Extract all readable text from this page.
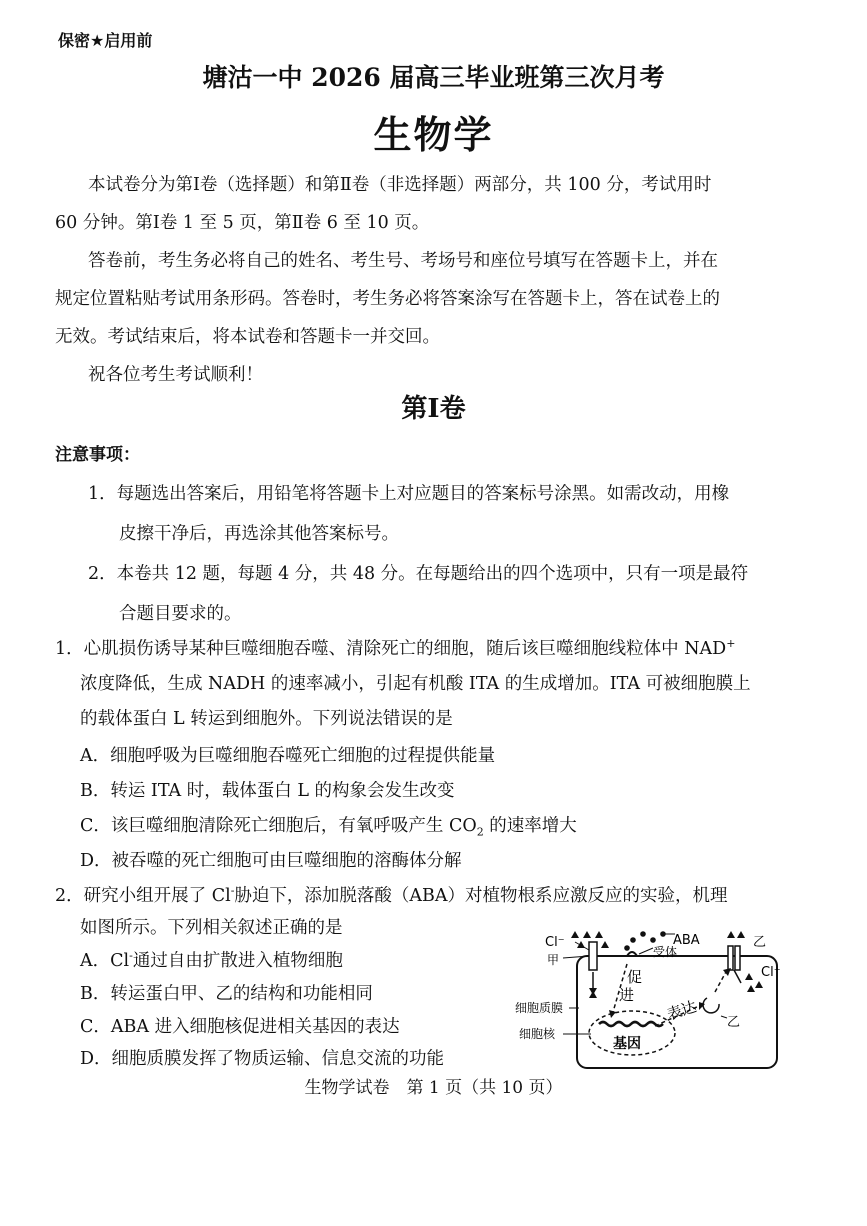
保密★启用前
塘沽一中 2026 届高三毕业班第三次月考
生物学
本试卷分为第Ⅰ卷（选择题）和第Ⅱ卷（非选择题）两部分，共 100 分，考试用时
60 分钟。第Ⅰ卷 1 至 5 页，第Ⅱ卷 6 至 10 页。
答卷前，考生务必将自己的姓名、考生号、考场号和座位号填写在答题卡上，并在
规定位置粘贴考试用条形码。答卷时，考生务必将答案涂写在答题卡上，答在试卷上的
无效。考试结束后，将本试卷和答题卡一并交回。
祝各位考生考试顺利！
第Ⅰ卷
注意事项：
1．每题选出答案后，用铅笔将答题卡上对应题目的答案标号涂黑。如需改动，用橡
皮擦干净后，再选涂其他答案标号。
2．本卷共 12 题，每题 4 分，共 48 分。在每题给出的四个选项中，只有一项是最符
合题目要求的。
1．心肌损伤诱导某种巨噬细胞吞噬、清除死亡的细胞，随后该巨噬细胞线粒体中 NAD+
浓度降低，生成 NADH 的速率减小，引起有机酸 ITA 的生成增加。ITA 可被细胞膜上
的载体蛋白 L 转运到细胞外。下列说法错误的是
A．细胞呼吸为巨噬细胞吞噬死亡细胞的过程提供能量
B．转运 ITA 时，载体蛋白 L 的构象会发生改变
C．该巨噬细胞清除死亡细胞后，有氧呼吸产生 $CO_2$ 的速率增大
D．被吞噬的死亡细胞可由巨噬细胞的溶酶体分解
2．研究小组开展了 Cl-胁迫下，添加脱落酸（ABA）对植物根系应激反应的实验，机理
如图所示。下列相关叙述正确的是
A．Cl-通过自由扩散进入植物细胞
B．转运蛋白甲、乙的结构和功能相同
C．ABA 进入细胞核促进相关基因的表达
D．细胞质膜发挥了物质运输、信息交流的功能
Cl⁻	ABA
受体
甲
乙
Cl⁻
促
进
表达
细胞质膜
细胞核
基因
乙
生物学试卷　第 1 页（共 10 页）
